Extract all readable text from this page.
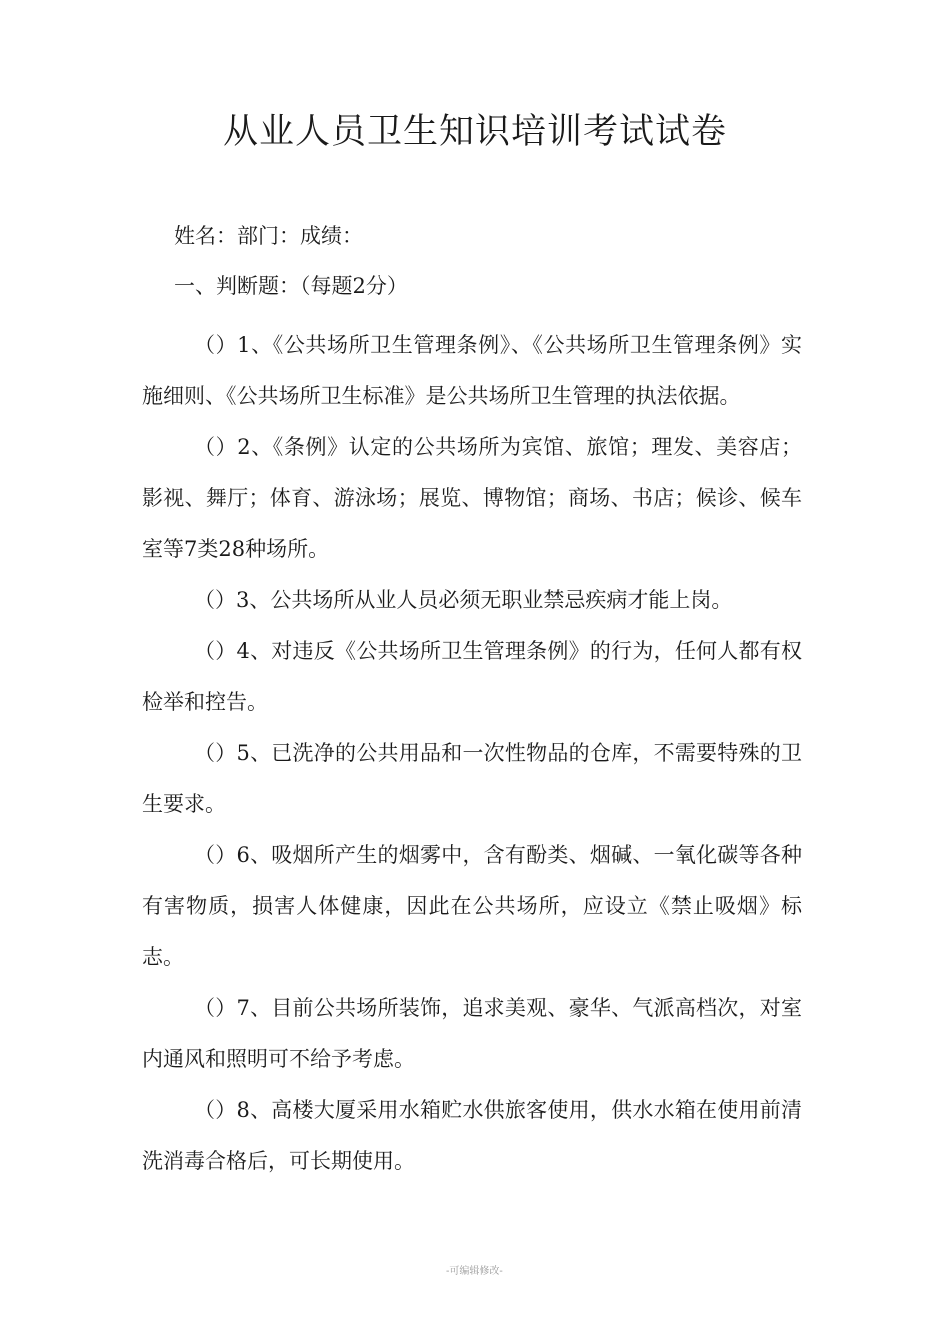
从业人员卫生知识培训考试试卷

姓名：部门：成绩：

一、判断题：（每题2分）

（）1、《公共场所卫生管理条例》、《公共场所卫生管理条例》实施细则、《公共场所卫生标准》是公共场所卫生管理的执法依据。
（）2、《条例》认定的公共场所为宾馆、旅馆；理发、美容店；影视、舞厅；体育、游泳场；展览、博物馆；商场、书店；候诊、候车室等7类28种场所。
（）3、公共场所从业人员必须无职业禁忌疾病才能上岗。
（）4、对违反《公共场所卫生管理条例》的行为，任何人都有权检举和控告。
（）5、已洗净的公共用品和一次性物品的仓库，不需要特殊的卫生要求。
（）6、吸烟所产生的烟雾中，含有酚类、烟碱、一氧化碳等各种有害物质，损害人体健康，因此在公共场所，应设立《禁止吸烟》标志。
（）7、目前公共场所装饰，追求美观、豪华、气派高档次，对室内通风和照明可不给予考虑。
（）8、高楼大厦采用水箱贮水供旅客使用，供水水箱在使用前清洗消毒合格后，可长期使用。

-可编辑修改-
